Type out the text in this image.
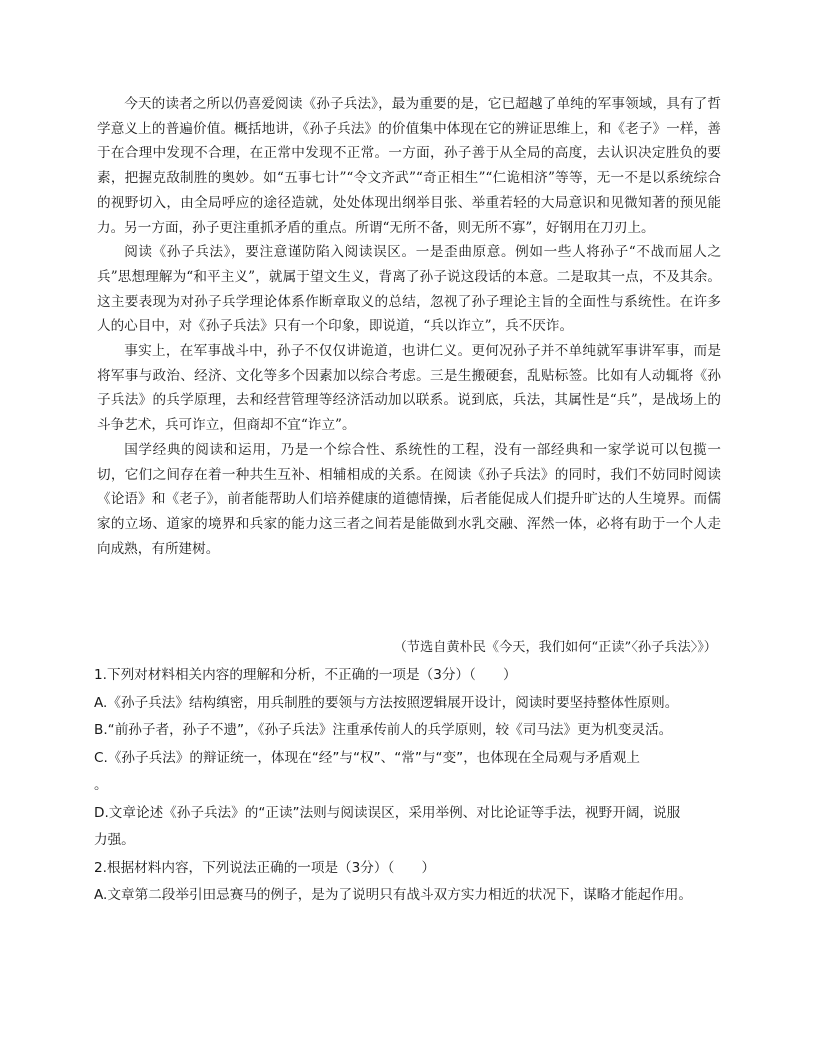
今天的读者之所以仍喜爱阅读《孙子兵法》，最为重要的是，它已超越了单纯的军事领域，具有了哲学意义上的普遍价值。概括地讲，《孙子兵法》的价值集中体现在它的辨证思维上，和《老子》一样，善于在合理中发现不合理，在正常中发现不正常。一方面，孙子善于从全局的高度，去认识决定胜负的要素，把握克敌制胜的奥妙。如“五事七计”“令文齐武”“奇正相生”“仁诡相济”等等，无一不是以系统综合的视野切入，由全局呼应的途径造就，处处体现出纲举目张、举重若轻的大局意识和见微知著的预见能力。另一方面，孙子更注重抓矛盾的重点。所谓“无所不备，则无所不寡”，好钢用在刀刃上。

阅读《孙子兵法》，要注意谨防陷入阅读误区。一是歪曲原意。例如一些人将孙子“不战而屈人之兵”思想理解为“和平主义”，就属于望文生义，背离了孙子说这段话的本意。二是取其一点，不及其余。这主要表现为对孙子兵学理论体系作断章取义的总结，忽视了孙子理论主旨的全面性与系统性。在许多人的心目中，对《孙子兵法》只有一个印象，即说道，“兵以诈立”，兵不厌诈。

事实上，在军事战斗中，孙子不仅仅讲诡道，也讲仁义。更何况孙子并不单纯就军事讲军事，而是将军事与政治、经济、文化等多个因素加以综合考虑。三是生搬硬套，乱贴标签。比如有人动辄将《孙子兵法》的兵学原理，去和经营管理等经济活动加以联系。说到底，兵法，其属性是“兵”，是战场上的斗争艺术，兵可诈立，但商却不宜“诈立”。

国学经典的阅读和运用，乃是一个综合性、系统性的工程，没有一部经典和一家学说可以包揽一切，它们之间存在着一种共生互补、相辅相成的关系。在阅读《孙子兵法》的同时，我们不妨同时阅读《论语》和《老子》，前者能帮助人们培养健康的道德情操，后者能促成人们提升旷达的人生境界。而儒家的立场、道家的境界和兵家的能力这三者之间若是能做到水乳交融、浑然一体，必将有助于一个人走向成熟，有所建树。

（节选自黄朴民《今天，我们如何“正读”〈孙子兵法〉》）
1.下列对材料相关内容的理解和分析，不正确的一项是（3分）（　　）
A.《孙子兵法》结构缜密，用兵制胜的要领与方法按照逻辑展开设计，阅读时要坚持整体性原则。
B.“前孙子者，孙子不遗”，《孙子兵法》注重承传前人的兵学原则，较《司马法》更为机变灵活。
C.《孙子兵法》的辩证统一，体现在“经”与“权”、“常”与“变”，也体现在全局观与矛盾观上
。
D.文章论述《孙子兵法》的“正读”法则与阅读误区，采用举例、对比论证等手法，视野开阔，说服
力强。
2.根据材料内容，下列说法正确的一项是（3分）（　　）
A.文章第二段举引田忌赛马的例子，是为了说明只有战斗双方实力相近的状况下，谋略才能起作用。
